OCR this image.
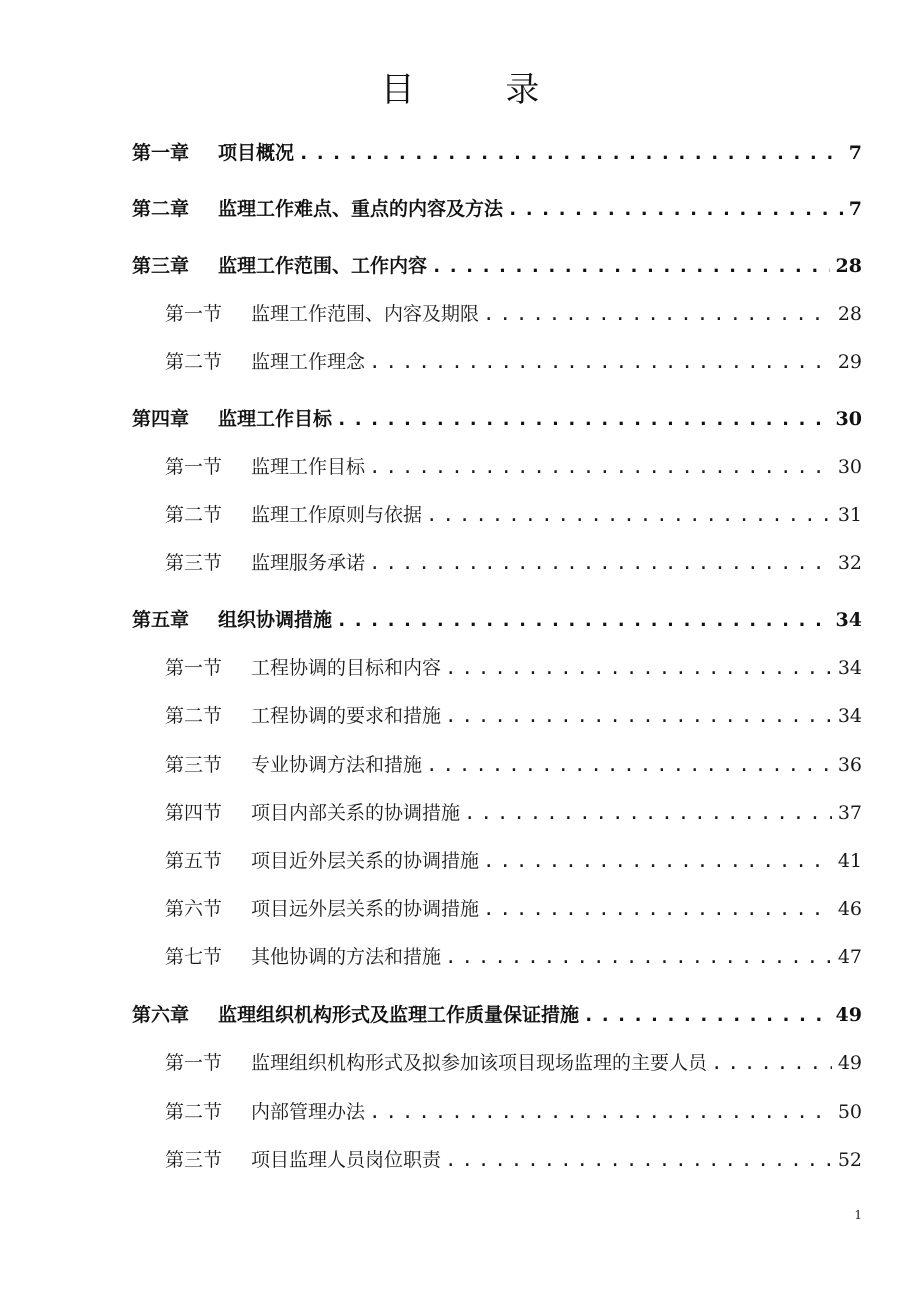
目 录
第一章	项目概况 .....	7
第二章	监理工作难点、重点的内容及方法 .....	7
第三章	监理工作范围、工作内容 .....	28
第一节	监理工作范围、内容及期限 .....	28
第二节	监理工作理念 .....	29
第四章	监理工作目标 .....	30
第一节	监理工作目标 .....	30
第二节	监理工作原则与依据 .....	31
第三节	监理服务承诺 .....	32
第五章	组织协调措施 .....	34
第一节	工程协调的目标和内容 .....	34
第二节	工程协调的要求和措施 .....	34
第三节	专业协调方法和措施 .....	36
第四节	项目内部关系的协调措施 .....	37
第五节	项目近外层关系的协调措施 .....	41
第六节	项目远外层关系的协调措施 .....	46
第七节	其他协调的方法和措施 .....	47
第六章	监理组织机构形式及监理工作质量保证措施 .....	49
第一节	监理组织机构形式及拟参加该项目现场监理的主要人员 .....	49
第二节	内部管理办法 .....	50
第三节	项目监理人员岗位职责 .....	52
1
